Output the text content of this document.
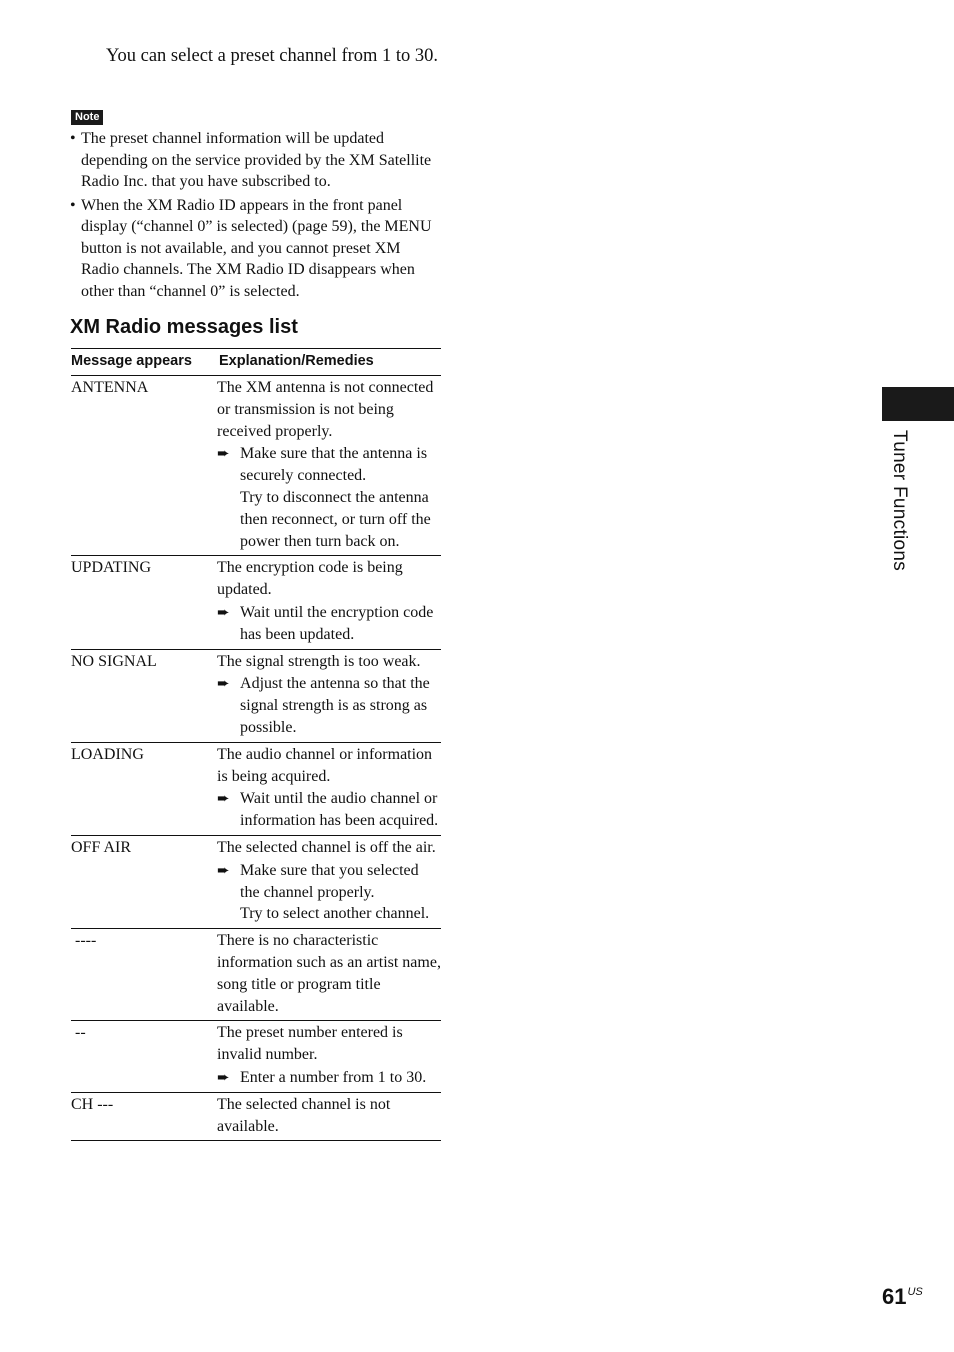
You can select a preset channel from 1 to 30.

Note
• The preset channel information will be updated depending on the service provided by the XM Satellite Radio Inc. that you have subscribed to.
• When the XM Radio ID appears in the front panel display (“channel 0” is selected) (page 59), the MENU button is not available, and you cannot preset XM Radio channels. The XM Radio ID disappears when other than “channel 0” is selected.
XM Radio messages list
Message appears	Explanation/Remedies
ANTENNA	The XM antenna is not connected or transmission is not being received properly.
➨ Make sure that the antenna is securely connected.
Try to disconnect the antenna then reconnect, or turn off the power then turn back on.

UPDATING	The encryption code is being updated.
➨ Wait until the encryption code has been updated.

NO SIGNAL	The signal strength is too weak.
➨ Adjust the antenna so that the signal strength is as strong as possible.

LOADING	The audio channel or information is being acquired.
➨ Wait until the audio channel or information has been acquired.

OFF AIR	The selected channel is off the air.
➨ Make sure that you selected the channel properly.
Try to select another channel.

----	There is no characteristic information such as an artist name, song title or program title available.

--	The preset number entered is invalid number.
➨ Enter a number from 1 to 30.

CH ---	The selected channel is not available.
Tuner Functions
$61^{US}$
